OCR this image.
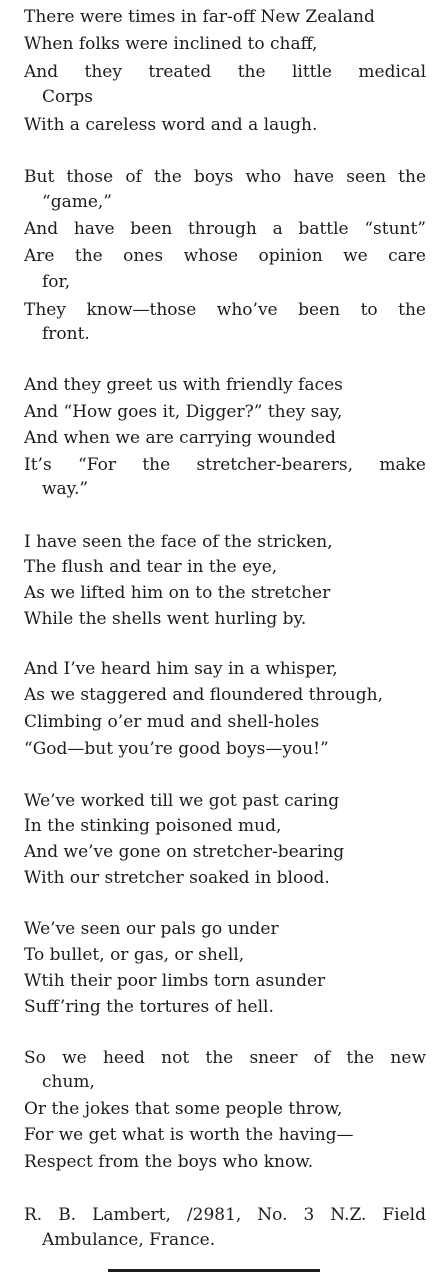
There were times in far-off New Zealand
When folks were inclined to chaff,
And they treated the little medical
Corps
With a careless word and a laugh.
But those of the boys who have seen the
“game,”
And have been through a battle “stunt”
Are the ones whose opinion we care
for,
They know—those who’ve been to the
front.
And they greet us with friendly faces
And “How goes it, Digger?” they say,
And when we are carrying wounded
It’s “For the stretcher-bearers, make
way.”
I have seen the face of the stricken,
The flush and tear in the eye,
As we lifted him on to the stretcher
While the shells went hurling by.
And I’ve heard him say in a whisper,
As we staggered and floundered through,
Climbing o’er mud and shell-holes
“God—but you’re good boys—you!”
We’ve worked till we got past caring
In the stinking poisoned mud,
And we’ve gone on stretcher-bearing
With our stretcher soaked in blood.
We’ve seen our pals go under
To bullet, or gas, or shell,
Wtih their poor limbs torn asunder
Suff’ring the tortures of hell.
So we heed not the sneer of the new
chum,
Or the jokes that some people throw,
For we get what is worth the having—
Respect from the boys who know.
R. B. Lambert, /2981, No. 3 N.Z. Field
Ambulance, France.
